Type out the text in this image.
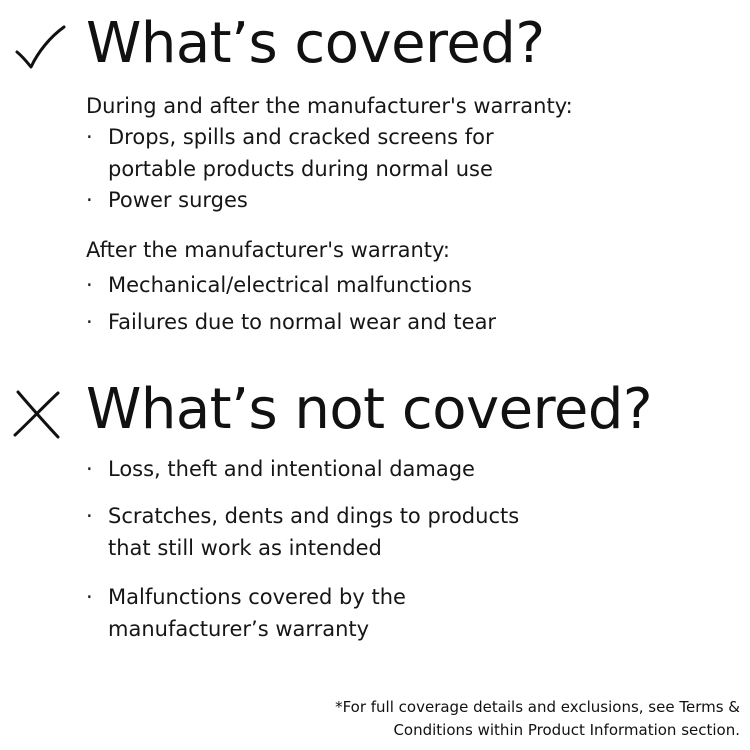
What’s covered?
During and after the manufacturer's warranty:
· Drops, spills and cracked screens for
portable products during normal use
· Power surges
After the manufacturer's warranty:
· Mechanical/electrical malfunctions
· Failures due to normal wear and tear
What’s not covered?
· Loss, theft and intentional damage
· Scratches, dents and dings to products
that still work as intended
· Malfunctions covered by the
manufacturer’s warranty
*For full coverage details and exclusions, see Terms &
Conditions within Product Information section.
